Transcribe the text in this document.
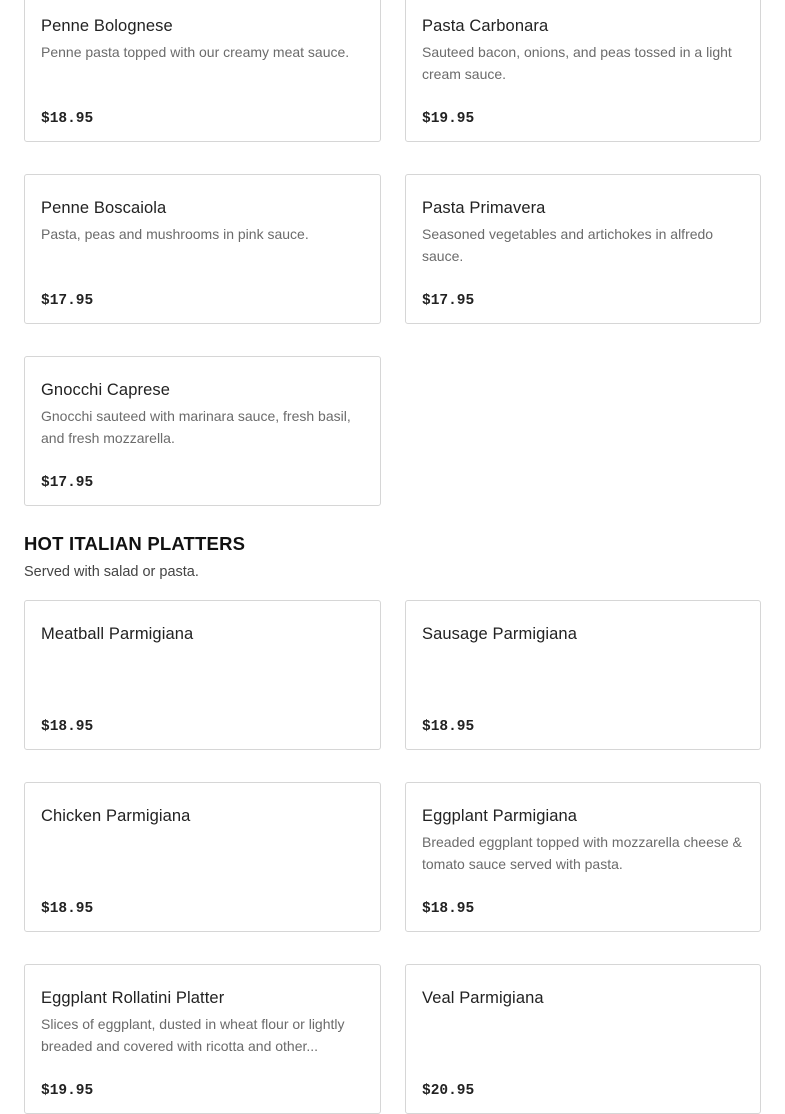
Penne Bolognese

Penne pasta topped with our creamy meat sauce.

$18.95

Pasta Carbonara

Sauteed bacon, onions, and peas tossed in a light cream sauce.

$19.95

Penne Boscaiola

Pasta, peas and mushrooms in pink sauce.

$17.95

Pasta Primavera

Seasoned vegetables and artichokes in alfredo sauce.

$17.95

Gnocchi Caprese

Gnocchi sauteed with marinara sauce, fresh basil, and fresh mozzarella.

$17.95
HOT ITALIAN PLATTERS

Served with salad or pasta.

Meatball Parmigiana

$18.95

Sausage Parmigiana

$18.95

Chicken Parmigiana

$18.95

Eggplant Parmigiana

Breaded eggplant topped with mozzarella cheese & tomato sauce served with pasta.

$18.95

Eggplant Rollatini Platter

Slices of eggplant, dusted in wheat flour or lightly breaded and covered with ricotta and other...

$19.95

Veal Parmigiana

$20.95
